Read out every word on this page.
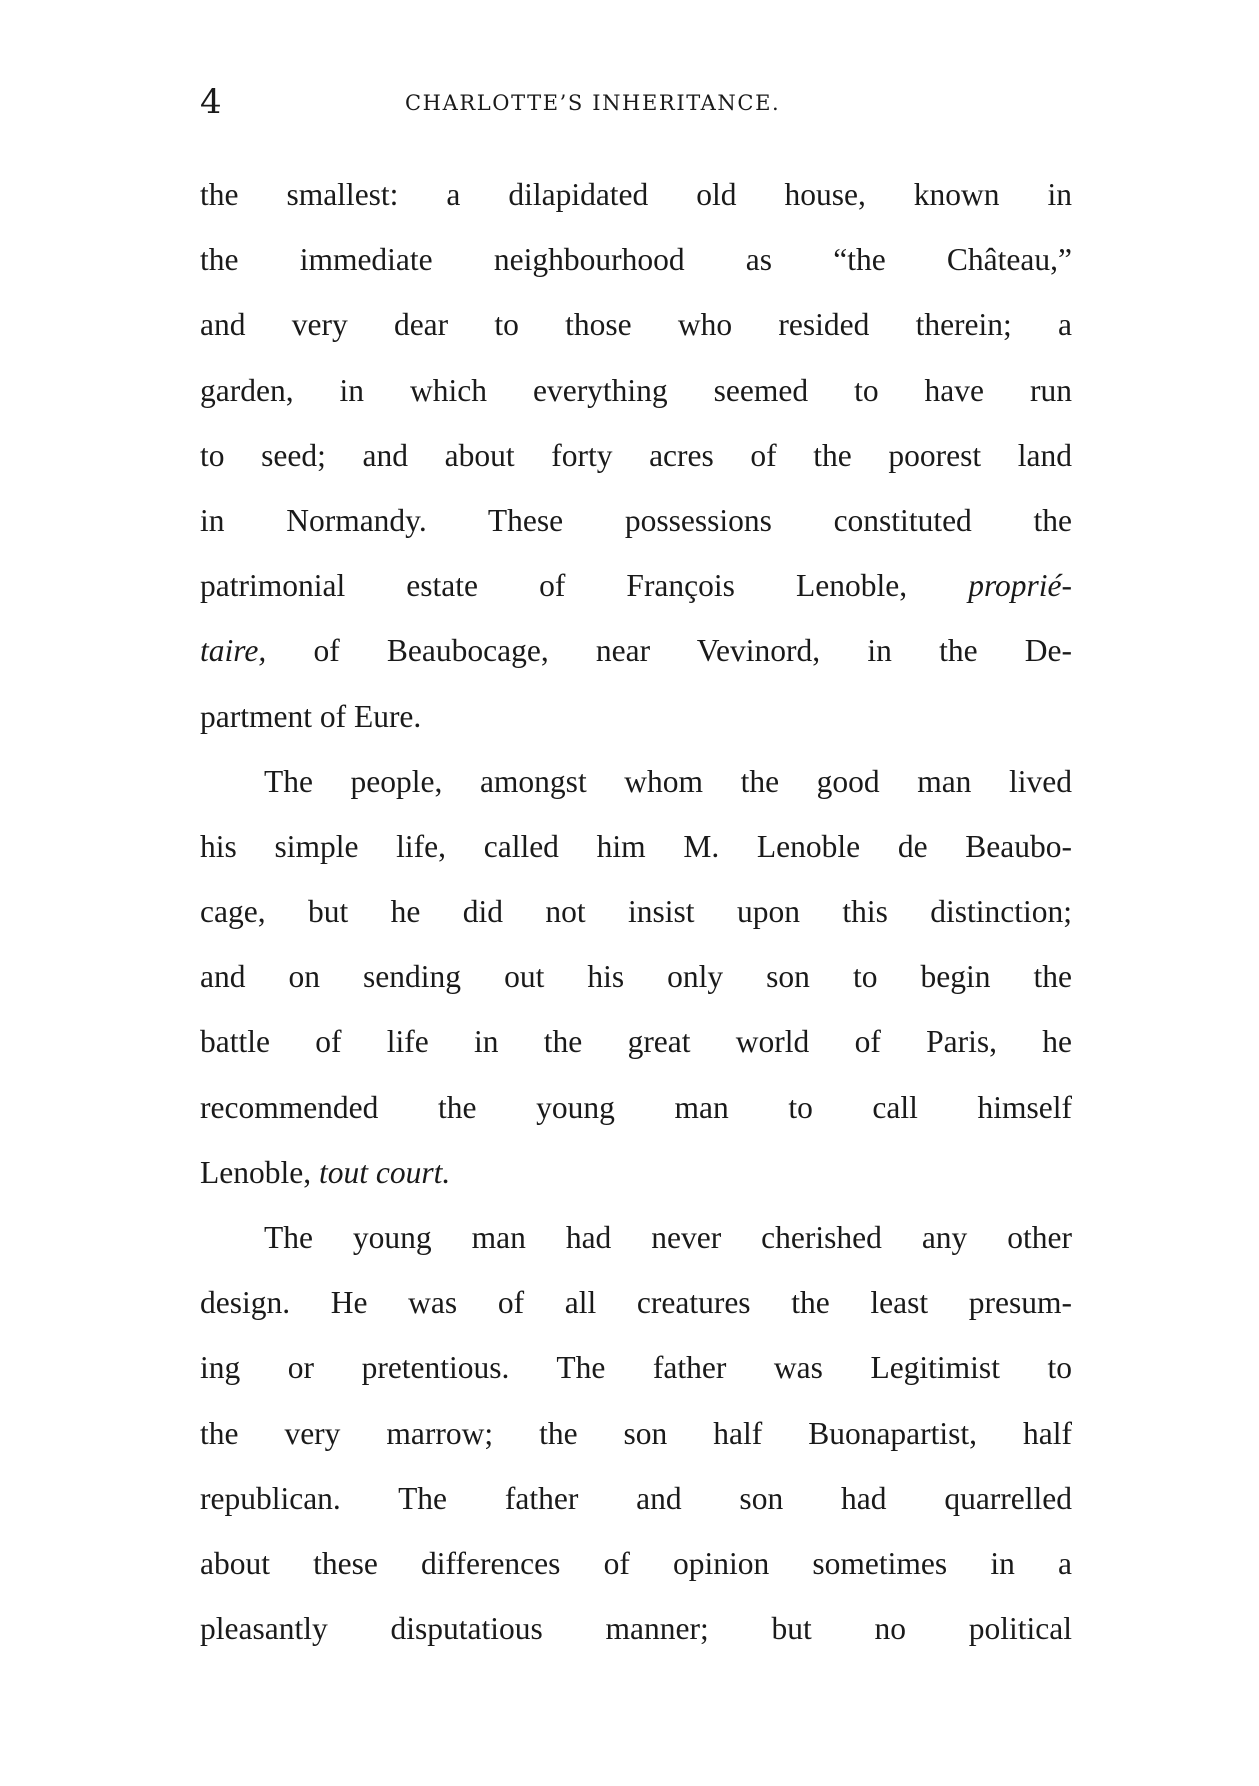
4	CHARLOTTE’S INHERITANCE.
the smallest: a dilapidated old house, known in
the immediate neighbourhood as “the Château,”
and very dear to those who resided therein; a
garden, in which everything seemed to have run
to seed; and about forty acres of the poorest land
in Normandy. These possessions constituted the
patrimonial estate of François Lenoble, proprié-
taire, of Beaubocage, near Vevinord, in the De-
partment of Eure.
The people, amongst whom the good man lived
his simple life, called him M. Lenoble de Beaubo-
cage, but he did not insist upon this distinction;
and on sending out his only son to begin the
battle of life in the great world of Paris, he
recommended the young man to call himself
Lenoble, tout court.
The young man had never cherished any other
design. He was of all creatures the least presum-
ing or pretentious. The father was Legitimist to
the very marrow; the son half Buonapartist, half
republican. The father and son had quarrelled
about these differences of opinion sometimes in a
pleasantly disputatious manner; but no political
